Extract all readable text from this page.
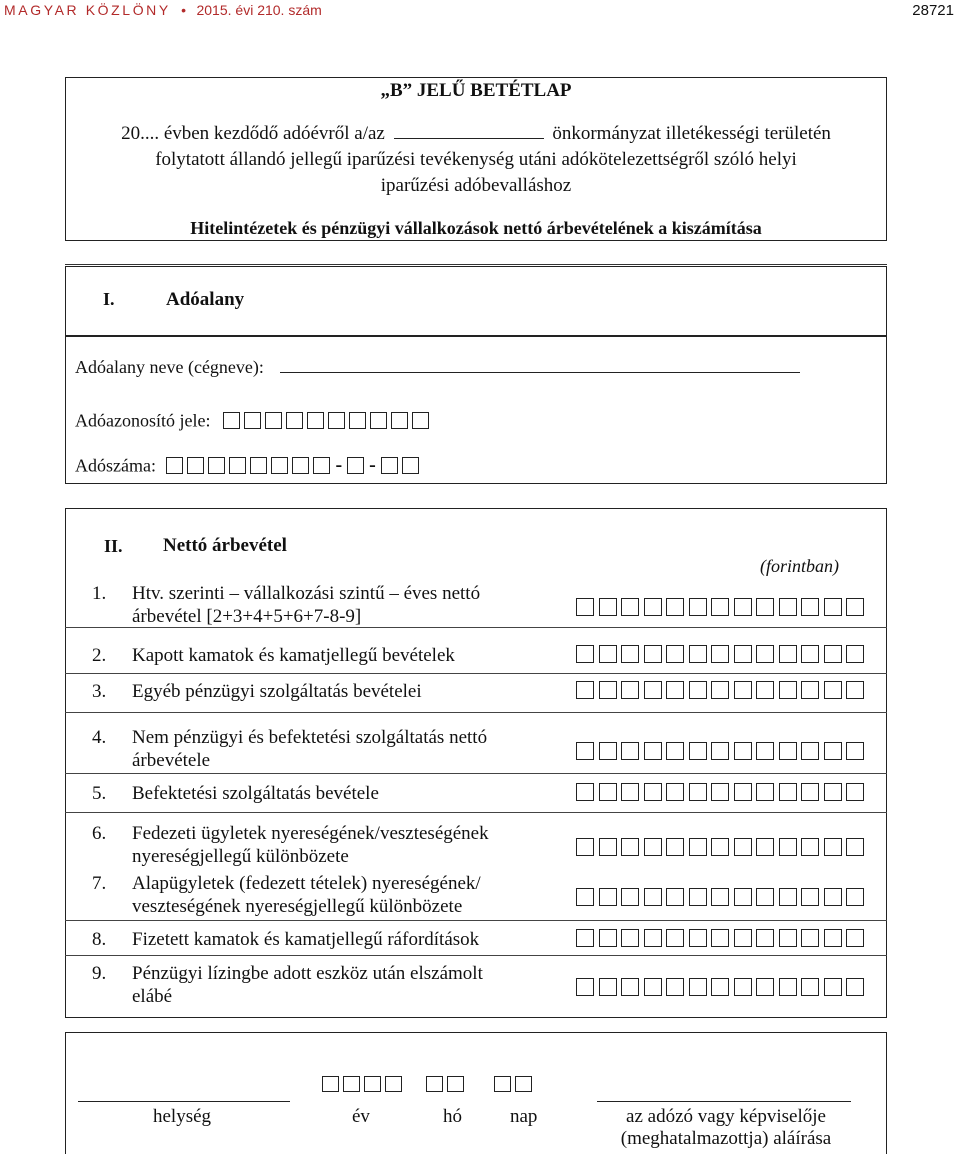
MAGYAR KÖZLÖNY • 2015. évi 210. szám	28721
„B” JELŰ BETÉTLAP
20.... évben kezdődő adóévről a/az	önkormányzat illetékességi területén
folytatott állandó jellegű iparűzési tevékenység utáni adókötelezettségről szóló helyi
iparűzési adóbevalláshoz
Hitelintézetek és pénzügyi vállalkozások nettó árbevételének a kiszámítása
I.	Adóalany
Adóalany neve (cégneve):
Adóazonosító jele:
Adószáma:	- -
II. Nettó árbevétel
(forintban)
1. Htv. szerinti – vállalkozási szintű – éves nettó
árbevétel [2+3+4+5+6+7-8-9]
2. Kapott kamatok és kamatjellegű bevételek
3. Egyéb pénzügyi szolgáltatás bevételei
4. Nem pénzügyi és befektetési szolgáltatás nettó
árbevétele
5. Befektetési szolgáltatás bevétele
6. Fedezeti ügyletek nyereségének/veszteségének
nyereségjellegű különbözete
7. Alapügyletek (fedezett tételek) nyereségének/
veszteségének nyereségjellegű különbözete
8. Fizetett kamatok és kamatjellegű ráfordítások
9. Pénzügyi lízingbe adott eszköz után elszámolt
elábé
helység	év	hó	nap	az adózó vagy képviselője
(meghatalmazottja) aláírása
